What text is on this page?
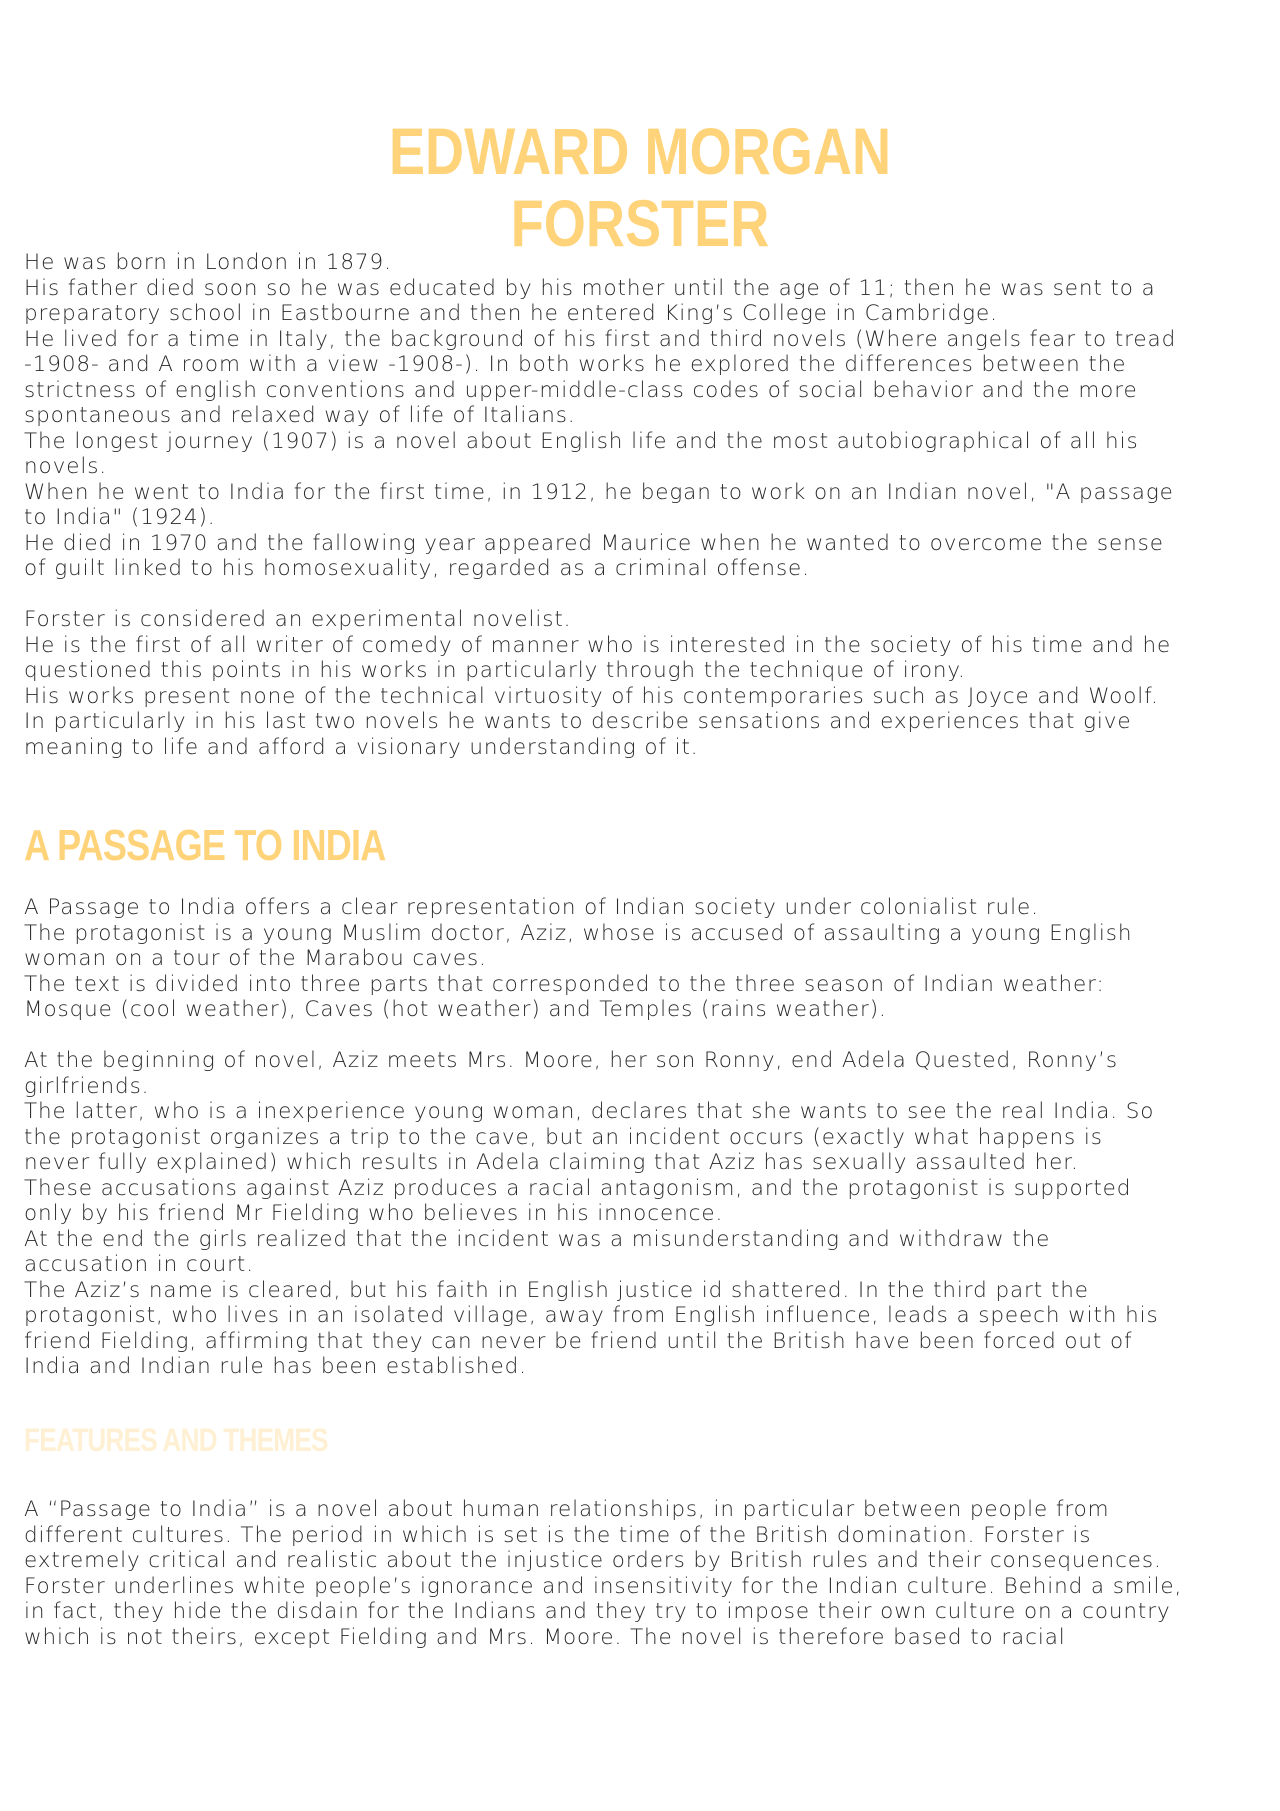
EDWARD MORGAN
FORSTER

He was born in London in 1879.

His father died soon so he was educated by his mother until the age of 11; then he was sent to a

preparatory school in Eastbourne and then he entered King’s College in Cambridge.

He lived for a time in Italy, the background of his first and third novels (Where angels fear to tread

-1908- and A room with a view -1908-). In both works he explored the differences between the

strictness of english conventions and upper-middle-class codes of social behavior and the more

spontaneous and relaxed way of life of Italians.

The longest journey (1907) is a novel about English life and the most autobiographical of all his

novels.

When he went to India for the first time, in 1912, he began to work on an Indian novel, "A passage

to India" (1924).

He died in 1970 and the fallowing year appeared Maurice when he wanted to overcome the sense

of guilt linked to his homosexuality, regarded as a criminal offense.

Forster is considered an experimental novelist.

He is the first of all writer of comedy of manner who is interested in the society of his time and he

questioned this points in his works in particularly through the technique of irony.

His works present none of the technical virtuosity of his contemporaries such as Joyce and Woolf.

In particularly in his last two novels he wants to describe sensations and experiences that give

meaning to life and afford a visionary understanding of it.

A PASSAGE TO INDIA

A Passage to India offers a clear representation of Indian society under colonialist rule.

The protagonist is a young Muslim doctor, Aziz, whose is accused of assaulting a young English

woman on a tour of the Marabou caves.

The text is divided into three parts that corresponded to the three season of Indian weather:

Mosque (cool weather), Caves (hot weather) and Temples (rains weather).

At the beginning of novel, Aziz meets Mrs. Moore, her son Ronny, end Adela Quested, Ronny’s

girlfriends.

The latter, who is a inexperience young woman, declares that she wants to see the real India. So

the protagonist organizes a trip to the cave, but an incident occurs (exactly what happens is

never fully explained) which results in Adela claiming that Aziz has sexually assaulted her.

These accusations against Aziz produces a racial antagonism, and the protagonist is supported

only by his friend Mr Fielding who believes in his innocence.

At the end the girls realized that the incident was a misunderstanding and withdraw the

accusation in court.

The Aziz’s name is cleared, but his faith in English justice id shattered. In the third part the

protagonist, who lives in an isolated village, away from English influence, leads a speech with his

friend Fielding, affirming that they can never be friend until the British have been forced out of

India and Indian rule has been established.

FEATURES AND THEMES

A “Passage to India” is a novel about human relationships, in particular between people from

different cultures. The period in which is set is the time of the British domination. Forster is

extremely critical and realistic about the injustice orders by British rules and their consequences.

Forster underlines white people’s ignorance and insensitivity for the Indian culture. Behind a smile,

in fact, they hide the disdain for the Indians and they try to impose their own culture on a country

which is not theirs, except Fielding and Mrs. Moore. The novel is therefore based to racial
